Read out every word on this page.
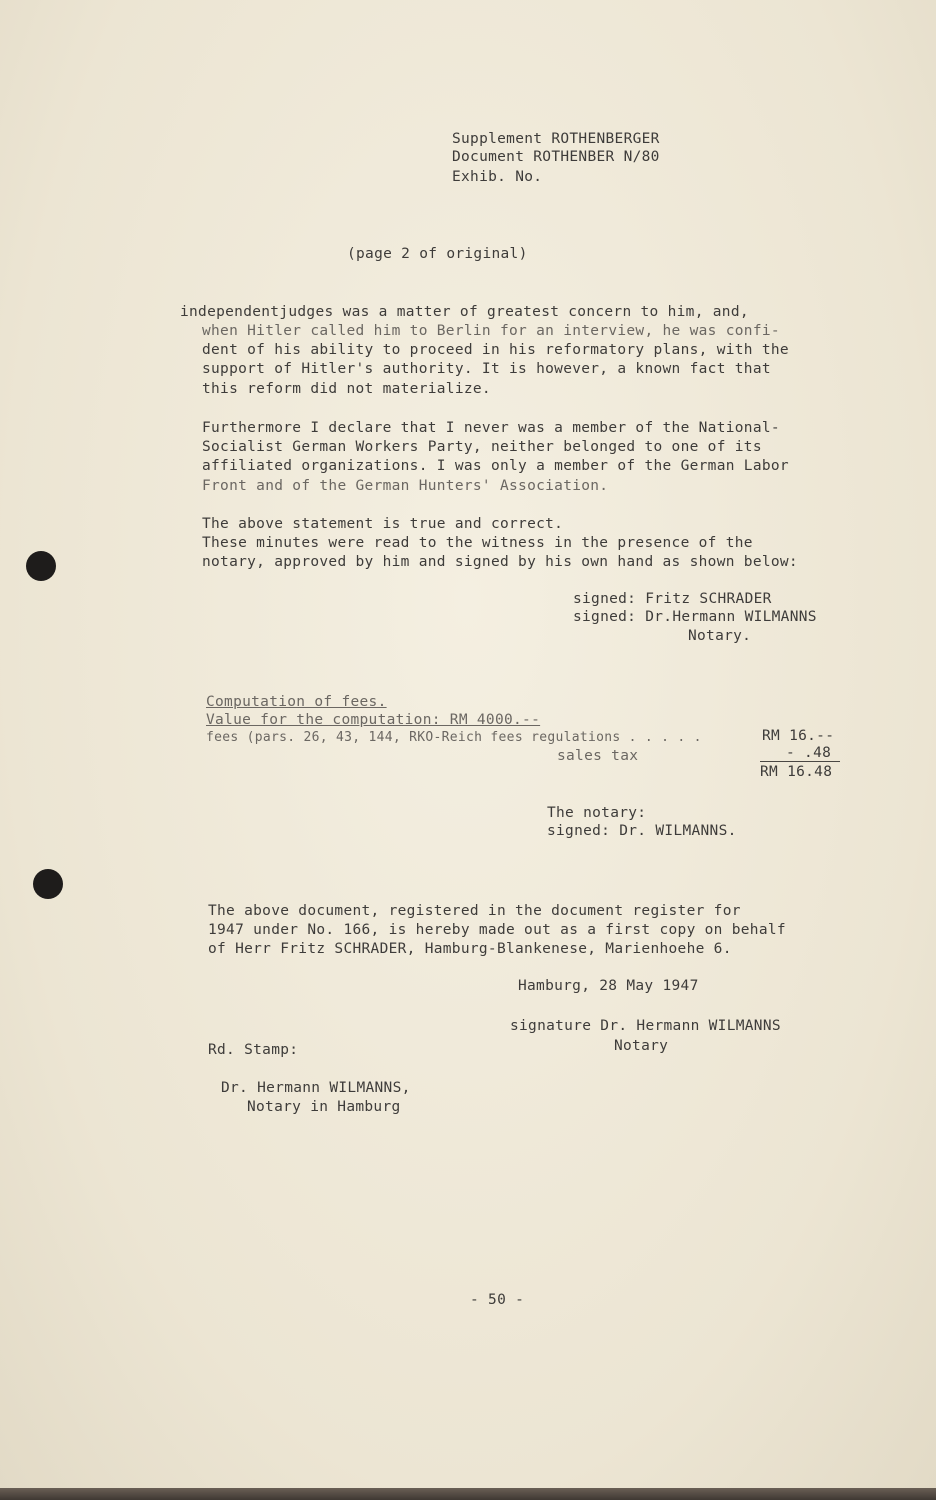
Supplement ROTHENBERGER
Document ROTHENBER N/80
Exhib. No.
(page 2 of original)
independentjudges was a matter of greatest concern to him, and,
when Hitler called him to Berlin for an interview, he was confi-
dent of his ability to proceed in his reformatory plans, with the
support of Hitler's authority. It is however, a known fact that
this reform did not materialize.
Furthermore I declare that I never was a member of the National-
Socialist German Workers Party, neither belonged to one of its
affiliated organizations. I was only a member of the German Labor
Front and of the German Hunters' Association.
The above statement is true and correct.
These minutes were read to the witness in the presence of the
notary, approved by him and signed by his own hand as shown below:
signed: Fritz SCHRADER
signed: Dr.Hermann WILMANNS
Notary.
Computation of fees.
Value for the computation: RM 4000.--
fees (pars. 26, 43, 144, RKO-Reich fees regulations . . . . .	RM 16.--
sales tax	- .48
RM 16.48
The notary:
signed: Dr. WILMANNS.
The above document, registered in the document register for
1947 under No. 166, is hereby made out as a first copy on behalf
of Herr Fritz SCHRADER, Hamburg-Blankenese, Marienhoehe 6.
Hamburg, 28 May 1947
signature Dr. Hermann WILMANNS
Notary
Rd. Stamp:
Dr. Hermann WILMANNS,
Notary in Hamburg
- 50 -
